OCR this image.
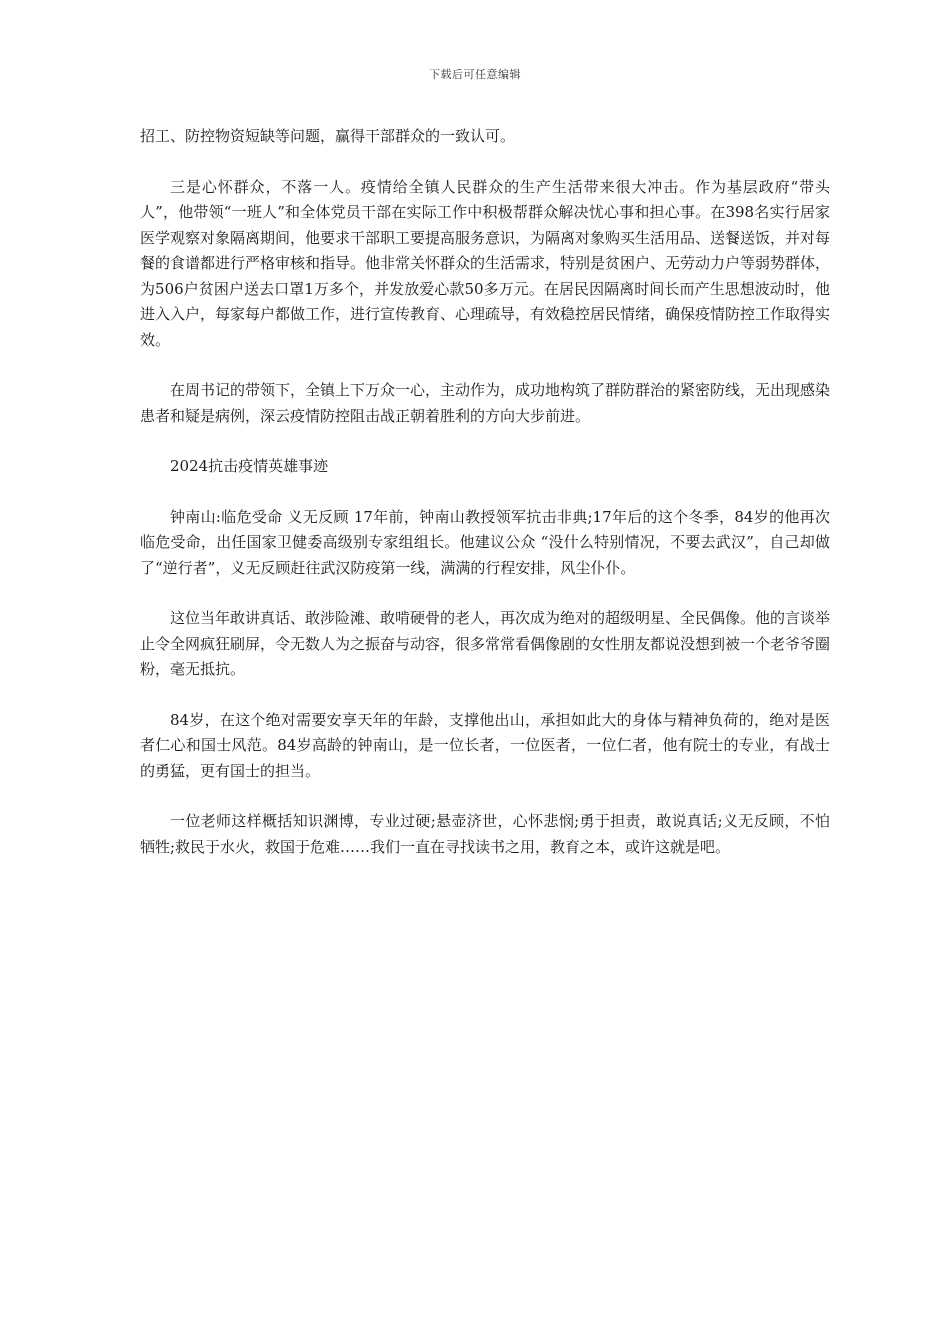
下载后可任意编辑

招工、防控物资短缺等问题，赢得干部群众的一致认可。

三是心怀群众，不落一人。疫情给全镇人民群众的生产生活带来很大冲击。作为基层政府“带头人”，他带领“一班人”和全体党员干部在实际工作中积极帮群众解决忧心事和担心事。在398名实行居家医学观察对象隔离期间，他要求干部职工要提高服务意识，为隔离对象购买生活用品、送餐送饭，并对每餐的食谱都进行严格审核和指导。他非常关怀群众的生活需求，特别是贫困户、无劳动力户等弱势群体，为506户贫困户送去口罩1万多个，并发放爱心款50多万元。在居民因隔离时间长而产生思想波动时，他进入入户，每家每户都做工作，进行宣传教育、心理疏导，有效稳控居民情绪，确保疫情防控工作取得实效。

在周书记的带领下，全镇上下万众一心，主动作为，成功地构筑了群防群治的紧密防线，无出现感染患者和疑是病例，深云疫情防控阻击战正朝着胜利的方向大步前进。

2024抗击疫情英雄事迹

钟南山:临危受命 义无反顾 17年前，钟南山教授领军抗击非典;17年后的这个冬季，84岁的他再次临危受命，出任国家卫健委高级别专家组组长。他建议公众 “没什么特别情况，不要去武汉”，自己却做了“逆行者”，义无反顾赶往武汉防疫第一线，满满的行程安排，风尘仆仆。

这位当年敢讲真话、敢涉险滩、敢啃硬骨的老人，再次成为绝对的超级明星、全民偶像。他的言谈举止令全网疯狂刷屏，令无数人为之振奋与动容，很多常常看偶像剧的女性朋友都说没想到被一个老爷爷圈粉，毫无抵抗。

84岁，在这个绝对需要安享天年的年龄，支撑他出山，承担如此大的身体与精神负荷的，绝对是医者仁心和国士风范。84岁高龄的钟南山，是一位长者，一位医者，一位仁者，他有院士的专业，有战士的勇猛，更有国士的担当。

一位老师这样概括知识渊博，专业过硬;悬壶济世，心怀悲悯;勇于担责，敢说真话;义无反顾，不怕牺牲;救民于水火，救国于危难……我们一直在寻找读书之用，教育之本，或许这就是吧。
